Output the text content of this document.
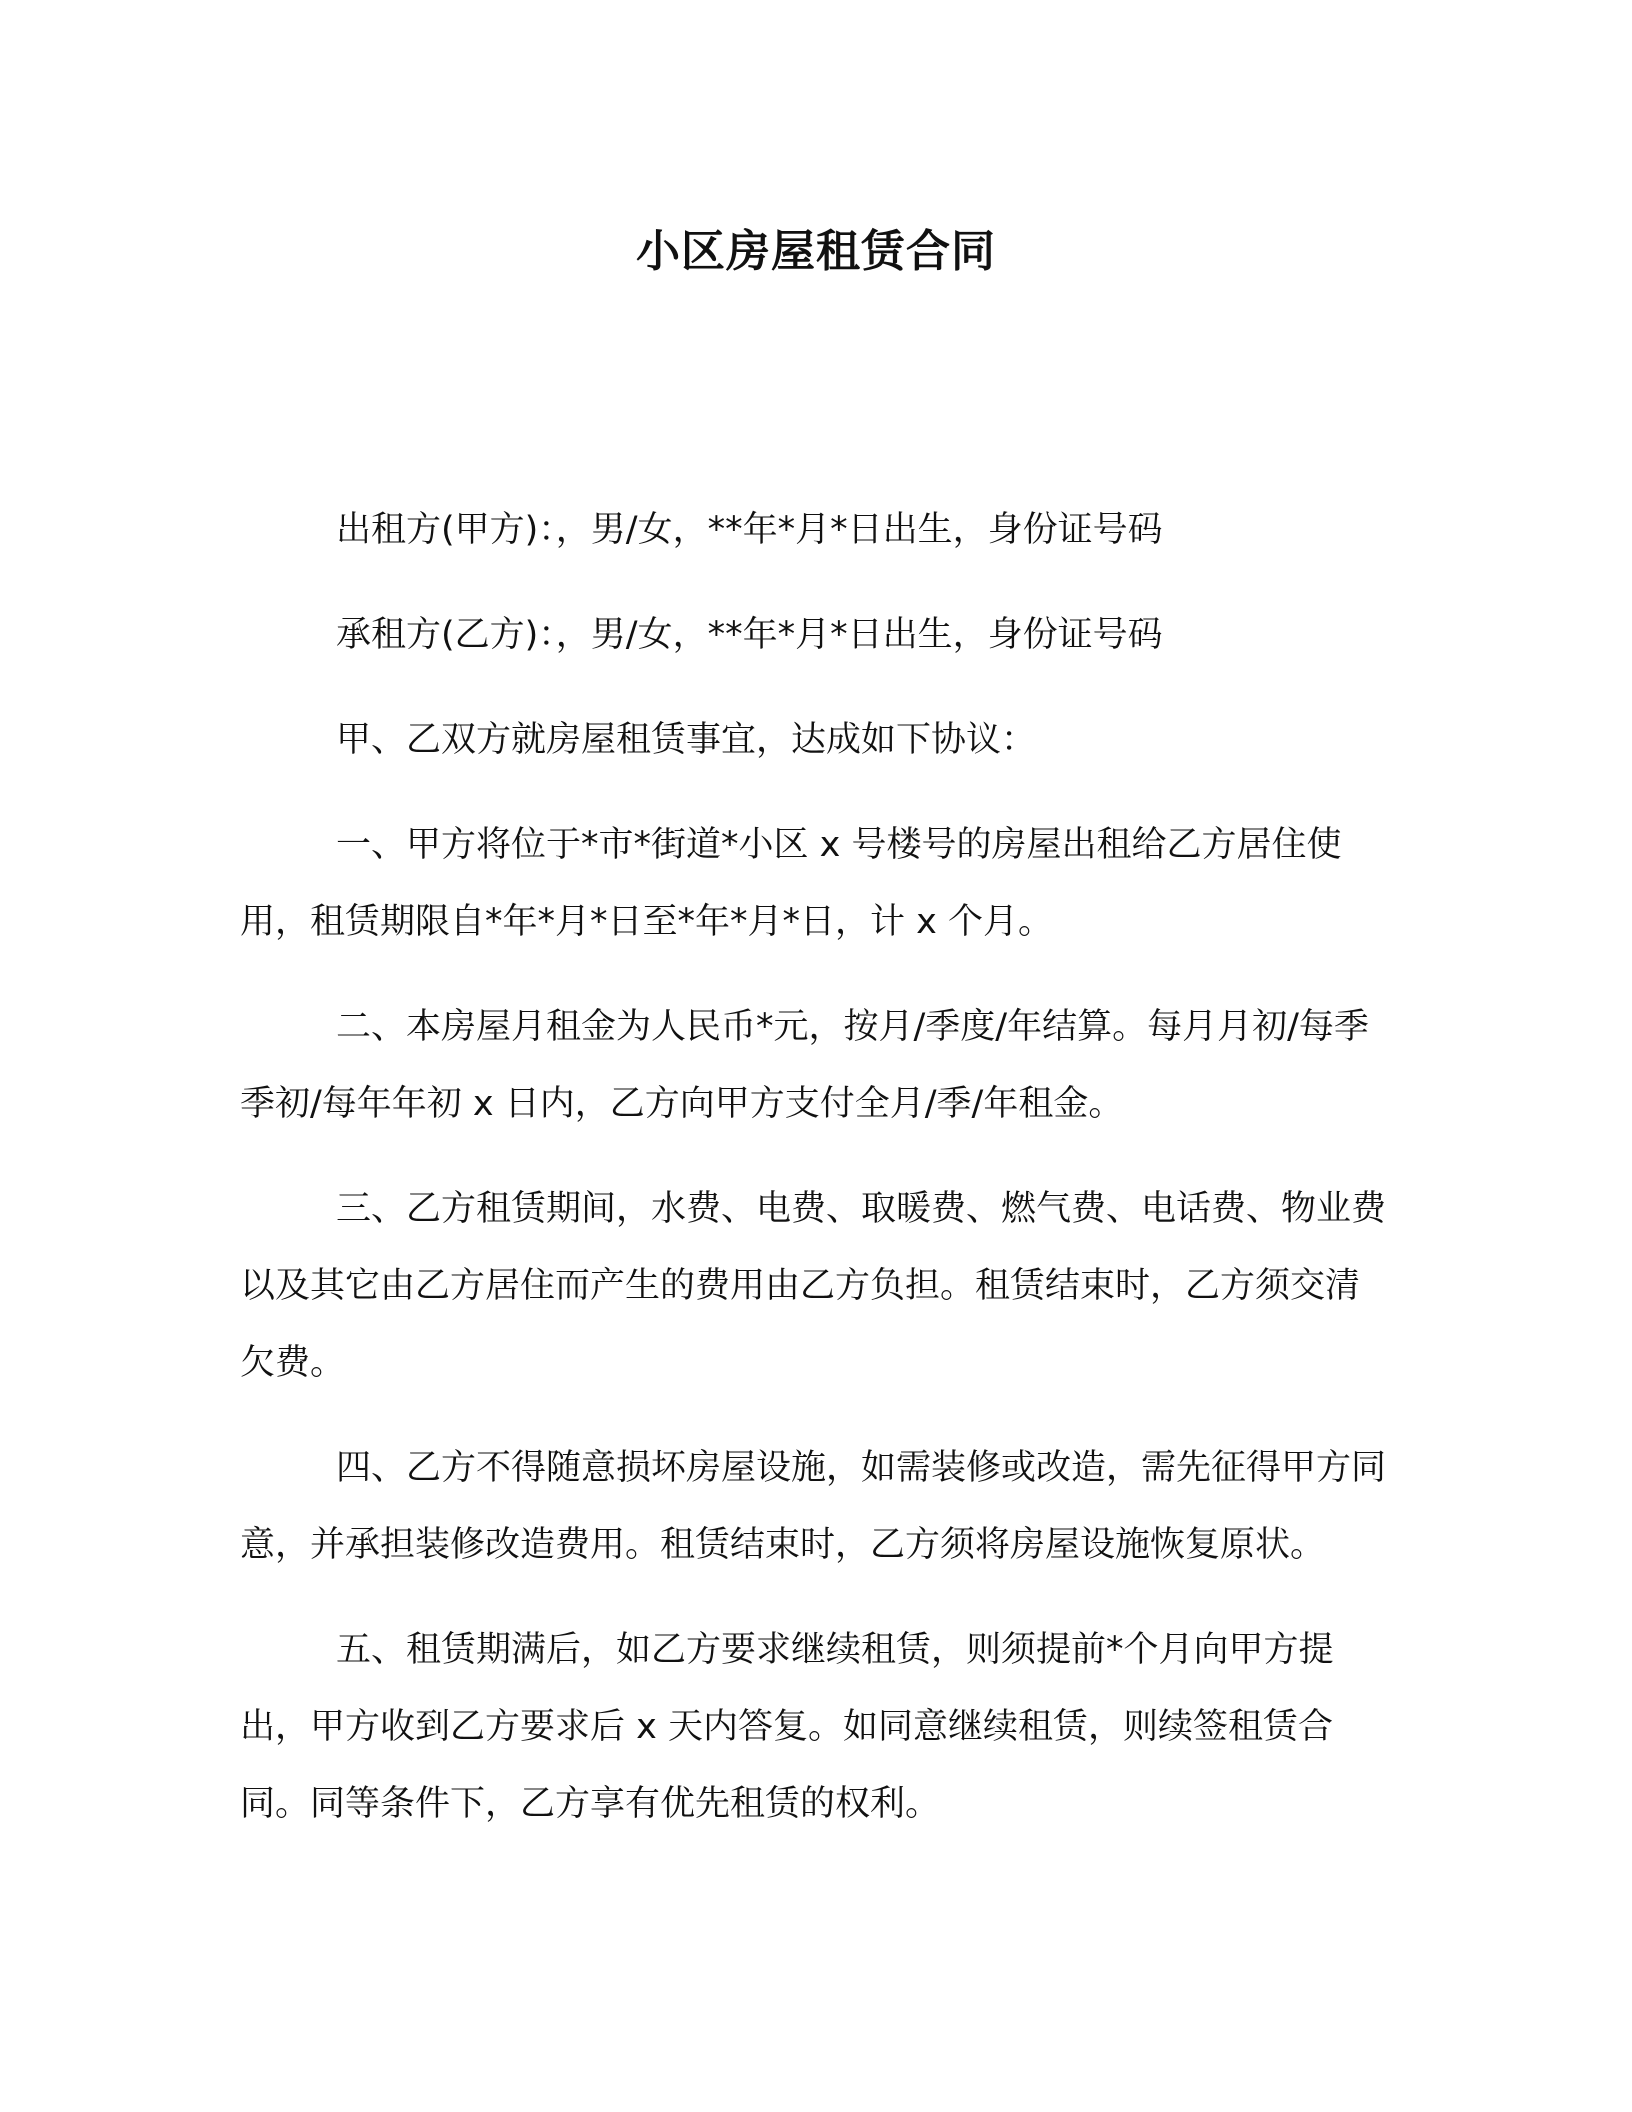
小区房屋租赁合同

出租方(甲方)：，男/女，**年*月*日出生，身份证号码

承租方(乙方)：，男/女，**年*月*日出生，身份证号码

甲、乙双方就房屋租赁事宜，达成如下协议：

一、甲方将位于*市*街道*小区 x 号楼号的房屋出租给乙方居住使用，租赁期限自*年*月*日至*年*月*日，计 x 个月。

二、本房屋月租金为人民币*元，按月/季度/年结算。每月月初/每季季初/每年年初 x 日内，乙方向甲方支付全月/季/年租金。

三、乙方租赁期间，水费、电费、取暖费、燃气费、电话费、物业费以及其它由乙方居住而产生的费用由乙方负担。租赁结束时，乙方须交清欠费。

四、乙方不得随意损坏房屋设施，如需装修或改造，需先征得甲方同意，并承担装修改造费用。租赁结束时，乙方须将房屋设施恢复原状。

五、租赁期满后，如乙方要求继续租赁，则须提前*个月向甲方提出，甲方收到乙方要求后 x 天内答复。如同意继续租赁，则续签租赁合同。同等条件下，乙方享有优先租赁的权利。
